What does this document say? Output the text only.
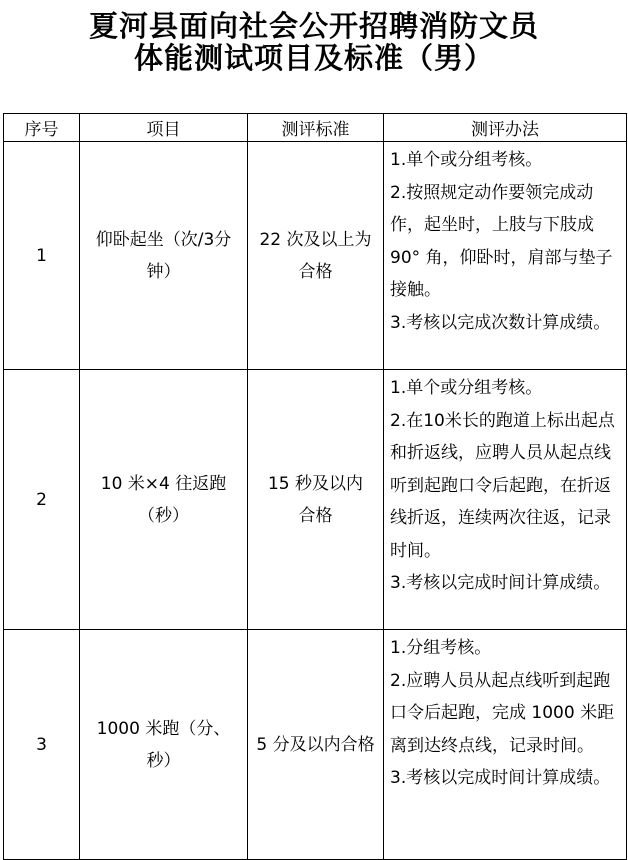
夏河县面向社会公开招聘消防文员
体能测试项目及标准（男）
序号	项目	测评标准	测评办法
1	仰卧起坐（次/3分钟）	22 次及以上为合格	1.单个或分组考核。

2.按照规定动作要领完成动作，起坐时，上肢与下肢成 90° 角，仰卧时，肩部与垫子接触。

3.考核以完成次数计算成绩。

2	10 米×4 往返跑（秒）	15 秒及以内合格	1.单个或分组考核。

2.在10米长的跑道上标出起点和折返线，应聘人员从起点线听到起跑口令后起跑，在折返线折返，连续两次往返，记录时间。

3.考核以完成时间计算成绩。

3	1000 米跑（分、秒）	5 分及以内合格	1.分组考核。

2.应聘人员从起点线听到起跑口令后起跑，完成 1000 米距离到达终点线，记录时间。

3.考核以完成时间计算成绩。
